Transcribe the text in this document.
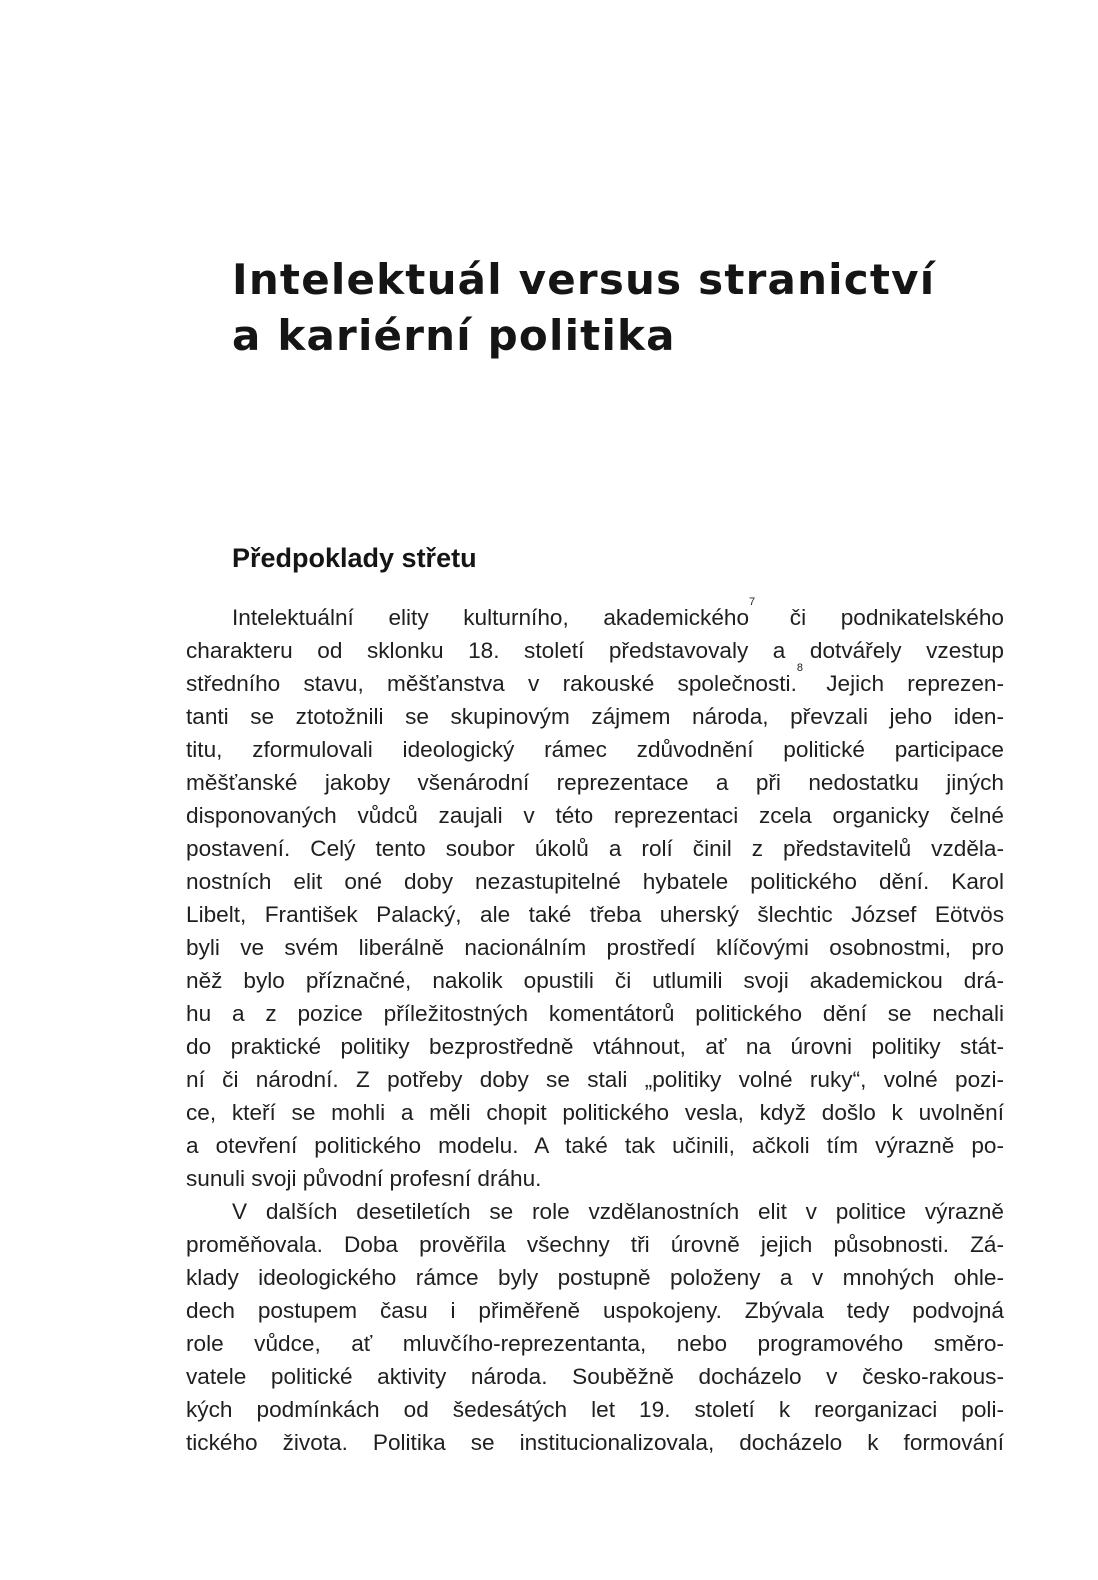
Intelektuál versus stranictví
a kariérní politika
Předpoklady střetu
Intelektuální elity kulturního, akademického$^7$ či podnikatelského
charakteru od sklonku 18. století představovaly a dotvářely vzestup
středního stavu, měšťanstva v rakouské společnosti.$^8$ Jejich reprezen-
tanti se ztotožnili se skupinovým zájmem národa, převzali jeho iden-
titu, zformulovali ideologický rámec zdůvodnění politické participace
měšťanské jakoby všenárodní reprezentace a při nedostatku jiných
disponovaných vůdců zaujali v této reprezentaci zcela organicky čelné
postavení. Celý tento soubor úkolů a rolí činil z představitelů vzděla-
nostních elit oné doby nezastupitelné hybatele politického dění. Karol
Libelt, František Palacký, ale také třeba uherský šlechtic József Eötvös
byli ve svém liberálně nacionálním prostředí klíčovými osobnostmi, pro
něž bylo příznačné, nakolik opustili či utlumili svoji akademickou drá-
hu a z pozice příležitostných komentátorů politického dění se nechali
do praktické politiky bezprostředně vtáhnout, ať na úrovni politiky stát-
ní či národní. Z potřeby doby se stali „politiky volné ruky“, volné pozi-
ce, kteří se mohli a měli chopit politického vesla, když došlo k uvolnění
a otevření politického modelu. A také tak učinili, ačkoli tím výrazně po-
sunuli svoji původní profesní dráhu.
V dalších desetiletích se role vzdělanostních elit v politice výrazně
proměňovala. Doba prověřila všechny tři úrovně jejich působnosti. Zá-
klady ideologického rámce byly postupně položeny a v mnohých ohle-
dech postupem času i přiměřeně uspokojeny. Zbývala tedy podvojná
role vůdce, ať mluvčího-reprezentanta, nebo programového směro-
vatele politické aktivity národa. Souběžně docházelo v česko-rakous-
kých podmínkách od šedesátých let 19. století k reorganizaci poli-
tického života. Politika se institucionalizovala, docházelo k formování
